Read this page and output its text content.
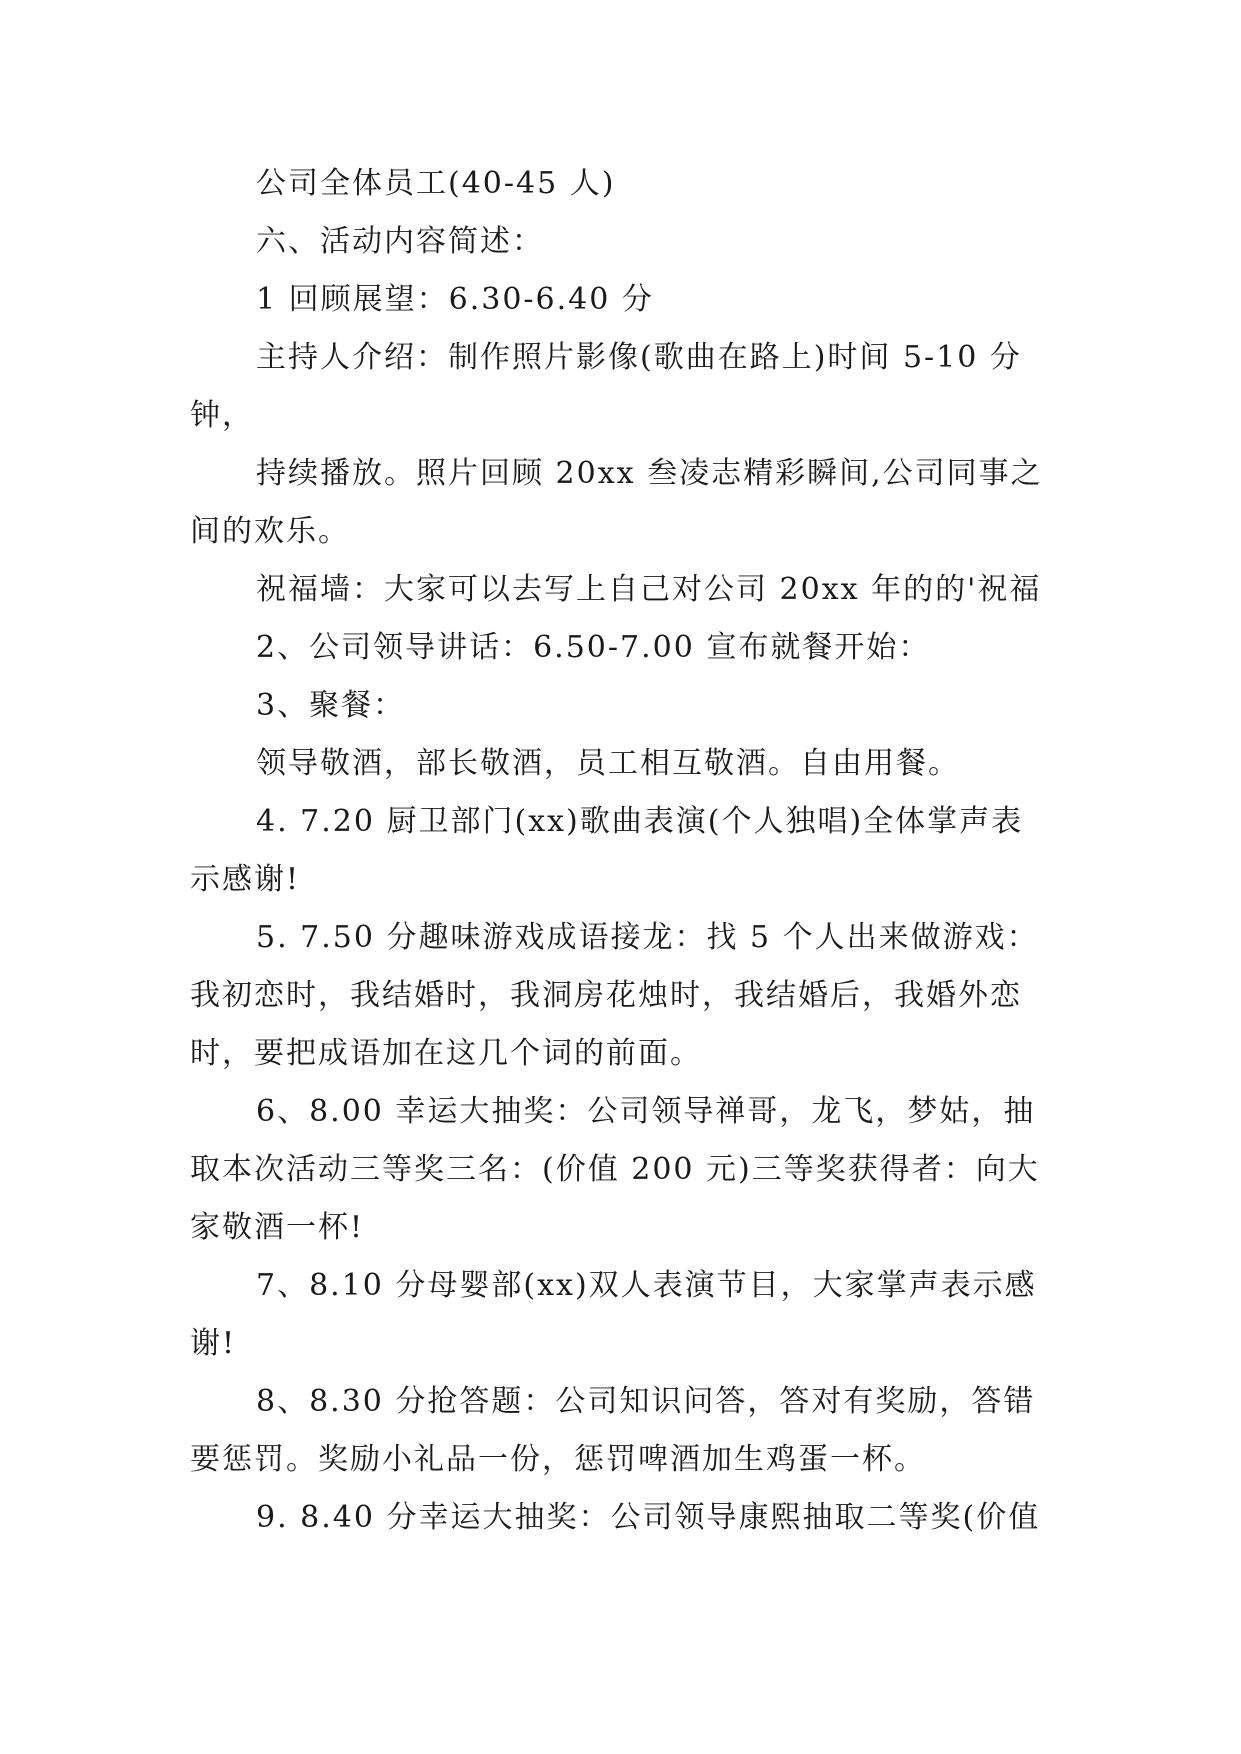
公司全体员工(40-45 人)

六、活动内容简述：

1 回顾展望：6.30-6.40 分

主持人介绍：制作照片影像(歌曲在路上)时间 5-10 分钟，

持续播放。照片回顾 20xx 叁凌志精彩瞬间,公司同事之间的欢乐。

祝福墙：大家可以去写上自己对公司 20xx 年的的'祝福

2、公司领导讲话：6.50-7.00 宣布就餐开始：

3、聚餐：

领导敬酒，部长敬酒，员工相互敬酒。自由用餐。

4. 7.20 厨卫部门(xx)歌曲表演(个人独唱)全体掌声表示感谢!

5. 7.50 分趣味游戏成语接龙：找 5 个人出来做游戏：我初恋时，我结婚时，我洞房花烛时，我结婚后，我婚外恋时，要把成语加在这几个词的前面。

6、8.00 幸运大抽奖：公司领导禅哥，龙飞，梦姑，抽取本次活动三等奖三名：(价值 200 元)三等奖获得者：向大家敬酒一杯!

7、8.10 分母婴部(xx)双人表演节目，大家掌声表示感谢!

8、8.30 分抢答题：公司知识问答，答对有奖励，答错要惩罚。奖励小礼品一份，惩罚啤酒加生鸡蛋一杯。

9. 8.40 分幸运大抽奖：公司领导康熙抽取二等奖(价值
